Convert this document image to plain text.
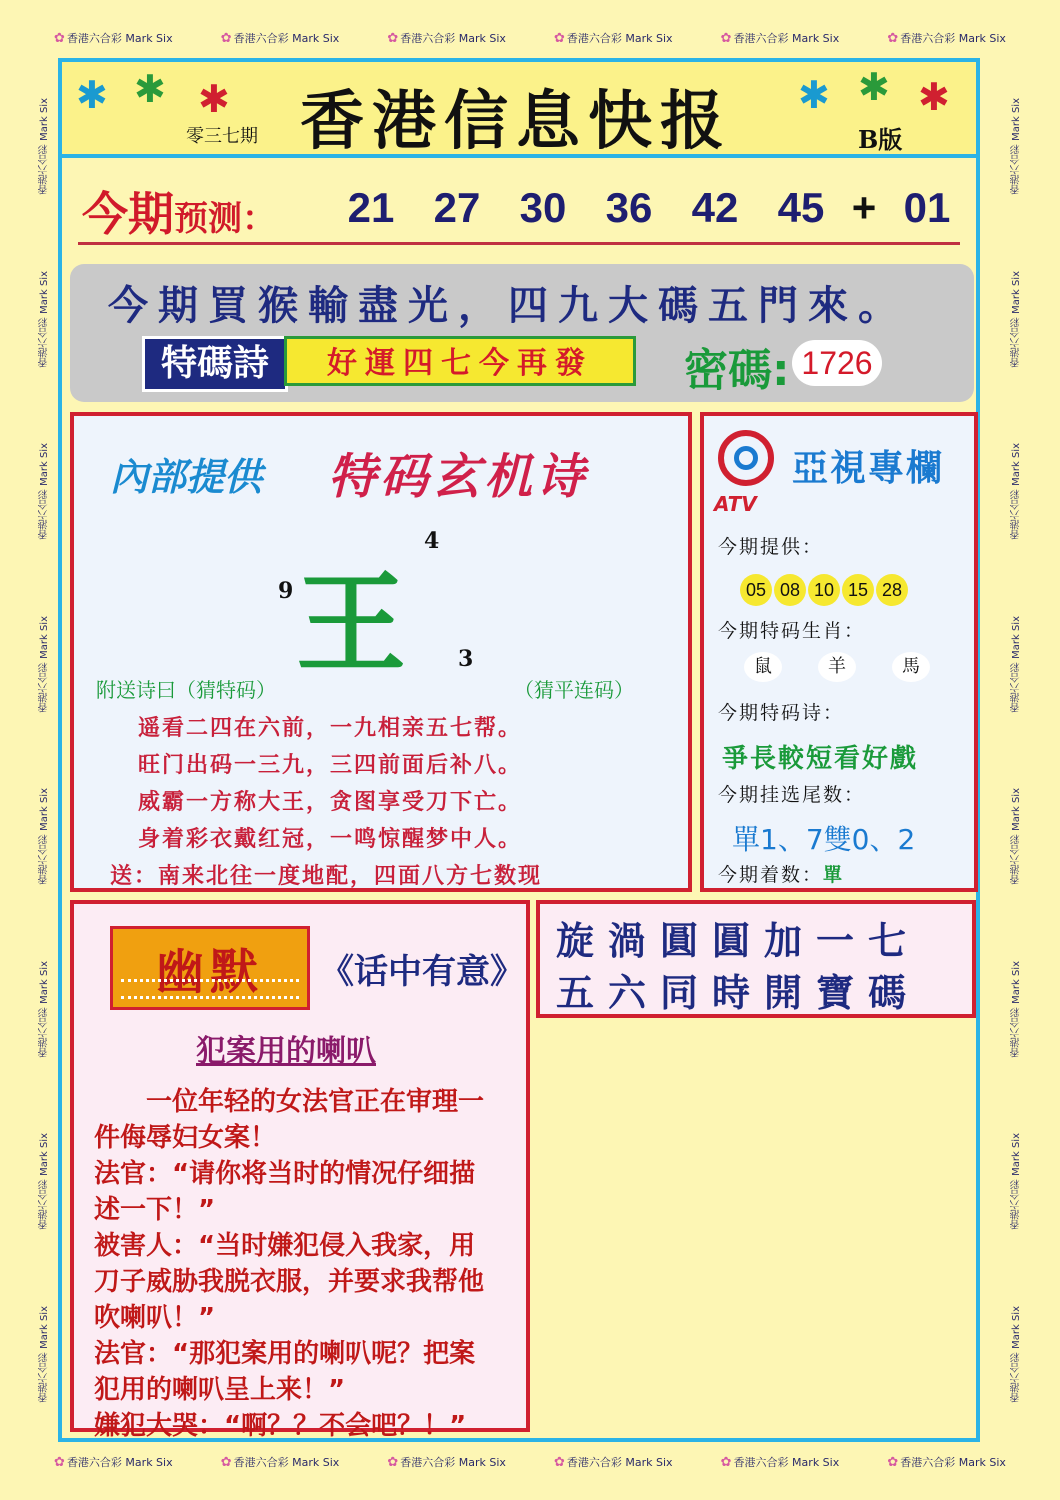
✿ 香港六合彩 Mark Six	✿ 香港六合彩 Mark Six	✿ 香港六合彩 Mark Six	✿ 香港六合彩 Mark Six	✿ 香港六合彩 Mark Six	✿ 香港六合彩 Mark Six
✿ 香港六合彩 Mark Six	✿ 香港六合彩 Mark Six	✿ 香港六合彩 Mark Six	✿ 香港六合彩 Mark Six	✿ 香港六合彩 Mark Six	✿ 香港六合彩 Mark Six
香港六合彩 Mark Six
香港六合彩 Mark Six
香港六合彩 Mark Six
香港六合彩 Mark Six
香港六合彩 Mark Six
香港六合彩 Mark Six
香港六合彩 Mark Six
香港六合彩 Mark Six
香港六合彩 Mark Six
香港六合彩 Mark Six
香港六合彩 Mark Six
香港六合彩 Mark Six
香港六合彩 Mark Six
香港六合彩 Mark Six
香港六合彩 Mark Six
香港六合彩 Mark Six
✱ ✱ ✱	✱ ✱ ✱
零三七期 香港信息快报	B版
今期预测：	21 27 30 36 42 45 + 01
今期買猴輸盡光，四九大碼五門來。
特碼詩	好運四七今再發	密碼: 1726
內部提供 特码玄机诗
王
4
9
3
附送诗曰（猜特码）	（猜平连码）
遥看二四在六前，一九相亲五七帮。
旺门出码一三九，三四前面后补八。
威霸一方称大王，贪图享受刀下亡。
身着彩衣戴红冠，一鸣惊醒梦中人。
送：南来北往一度地配，四面八方七数现
ATV
亞視專欄
今期提供：
05 08 10 15 28
今期特码生肖：
鼠	羊	馬
今期特码诗：
爭長較短看好戲
今期挂选尾数：
單1、7雙0、2
今期着数：單
幽默	《话中有意》
犯案用的喇叭
　　一位年轻的女法官正在审理一
件侮辱妇女案！
法官：“请你将当时的情况仔细描
述一下！”
被害人：“当时嫌犯侵入我家，用
刀子威胁我脱衣服，并要求我帮他
吹喇叭！”
法官：“那犯案用的喇叭呢？把案
犯用的喇叭呈上来！”
嫌犯大哭：“啊？？不会吧？！”
旋渦圓圓加一七
五六同時開寶碼
